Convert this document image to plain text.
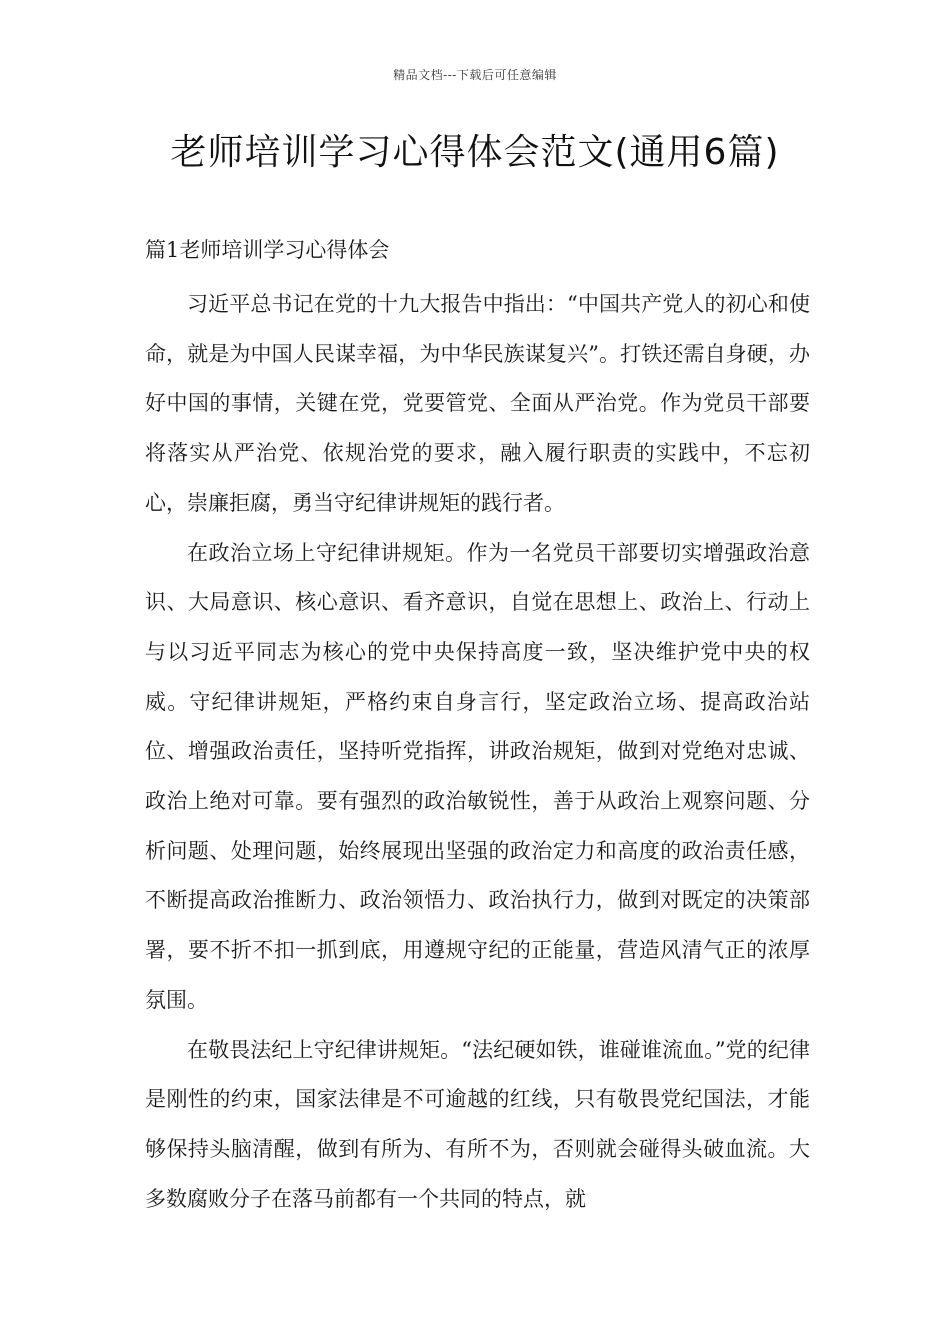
精品文档---下载后可任意编辑
老师培训学习心得体会范文(通用6篇)
篇1老师培训学习心得体会

习近平总书记在党的十九大报告中指出：“中国共产党人的初心和使命，就是为中国人民谋幸福，为中华民族谋复兴”。打铁还需自身硬，办好中国的事情，关键在党，党要管党、全面从严治党。作为党员干部要将落实从严治党、依规治党的要求，融入履行职责的实践中，不忘初心，崇廉拒腐，勇当守纪律讲规矩的践行者。

在政治立场上守纪律讲规矩。作为一名党员干部要切实增强政治意识、大局意识、核心意识、看齐意识，自觉在思想上、政治上、行动上与以习近平同志为核心的党中央保持高度一致，坚决维护党中央的权威。守纪律讲规矩，严格约束自身言行，坚定政治立场、提高政治站位、增强政治责任，坚持听党指挥，讲政治规矩，做到对党绝对忠诚、政治上绝对可靠。要有强烈的政治敏锐性，善于从政治上观察问题、分析问题、处理问题，始终展现出坚强的政治定力和高度的政治责任感，不断提高政治推断力、政治领悟力、政治执行力，做到对既定的决策部署，要不折不扣一抓到底，用遵规守纪的正能量，营造风清气正的浓厚氛围。

在敬畏法纪上守纪律讲规矩。“法纪硬如铁，谁碰谁流血。”党的纪律是刚性的约束，国家法律是不可逾越的红线，只有敬畏党纪国法，才能够保持头脑清醒，做到有所为、有所不为，否则就会碰得头破血流。大多数腐败分子在落马前都有一个共同的特点，就
